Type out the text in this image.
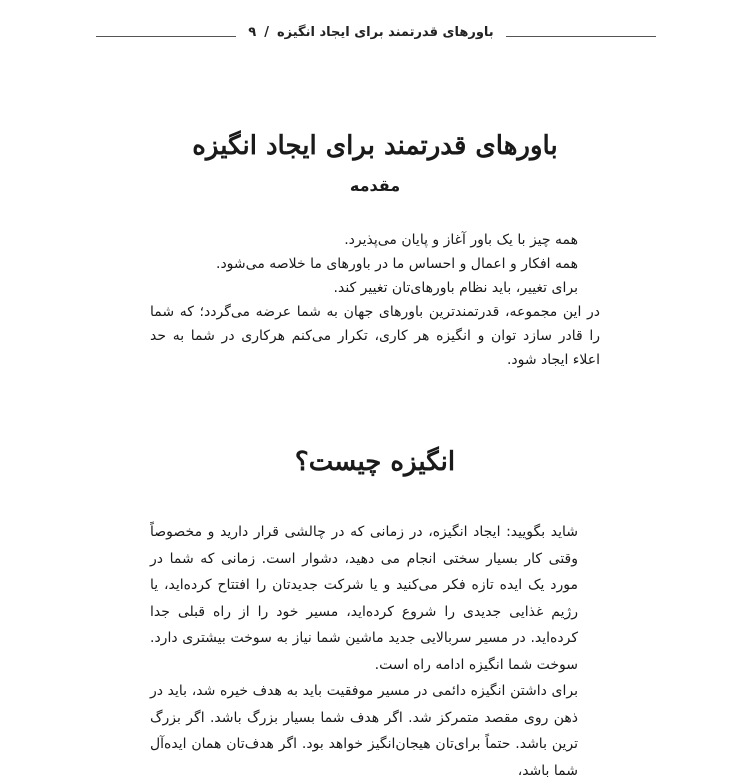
باورهای قدرتمند برای ایجاد انگیزه/۹
باورهای قدرتمند برای ایجاد انگیزه
مقدمه

همه چیز با یک باور آغاز و پایان می‌پذیرد.

همه افکار و اعمال و احساس ما در باورهای ما خلاصه می‌شود.

برای تغییر، باید نظام باورهای‌تان تغییر کند.

در این مجموعه، قدرتمندترین باورهای جهان به شما عرضه می‌گردد؛ که شما را قادر سازد توان و انگیزه هر کاری، تکرار می‌کنم هرکاری در شما به حد اعلاء ایجاد شود.

انگیزه چیست؟

شاید بگویید: ایجاد انگیزه، در زمانی که در چالشی قرار دارید و مخصوصاً وقتی کار بسیار سختی انجام می دهید، دشوار است. زمانی که شما در مورد یک ایده تازه فکر می‌کنید و یا شرکت جدیدتان را افتتاح کرده‌اید، یا رژیم غذایی جدیدی را شروع کرده‌اید، مسیر خود را از راه قبلی جدا کرده‌اید. در مسیر سربالایی جدید ماشین شما نیاز به سوخت بیشتری دارد. سوخت شما انگیزه ادامه راه است.

برای داشتن انگیزه دائمی در مسیر موفقیت باید به هدف خیره شد، باید در ذهن روی مقصد متمرکز شد. اگر هدف شما بسیار بزرگ باشد. اگر بزرگ ترین باشد. حتماً برای‌تان هیجان‌انگیز خواهد بود. اگر هدف‌تان همان ایده‌آل شما باشد،
